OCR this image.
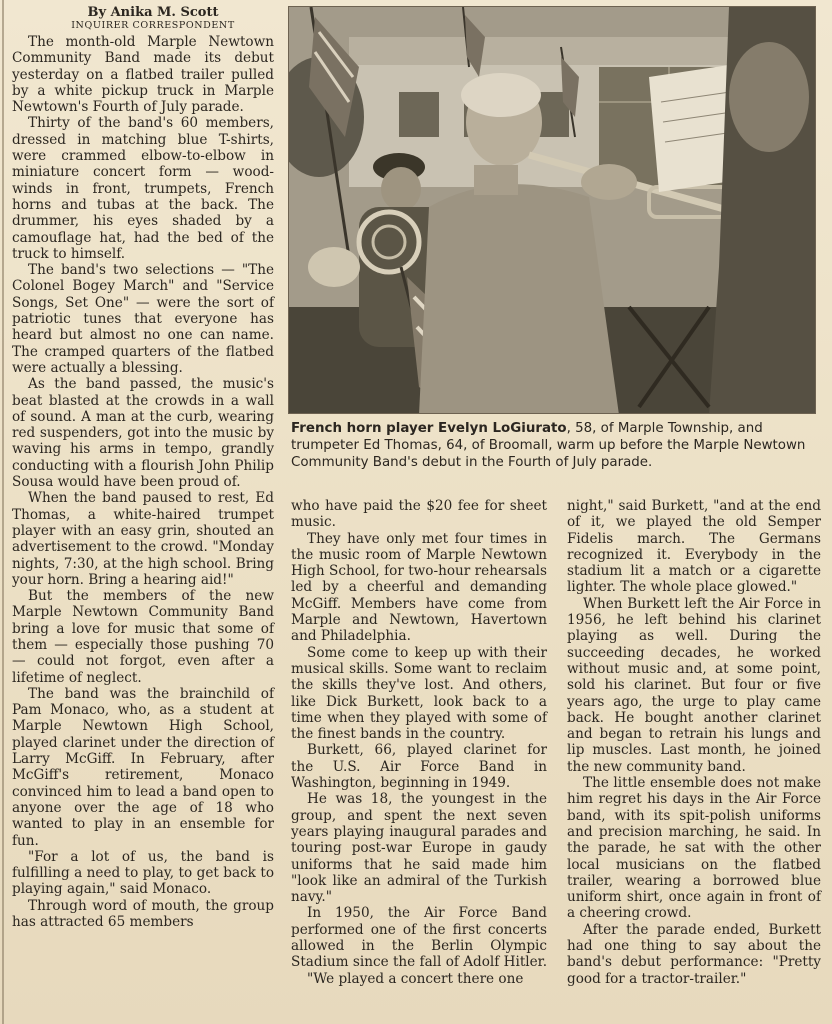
By Anika M. Scott
INQUIRER CORRESPONDENT

The month-old Marple Newtown Community Band made its debut yesterday on a flatbed trailer pulled by a white pickup truck in Marple Newtown's Fourth of July parade.

Thirty of the band's 60 members, dressed in matching blue T-shirts, were crammed elbow-to-elbow in miniature concert form — wood-winds in front, trumpets, French horns and tubas at the back. The drummer, his eyes shaded by a camouflage hat, had the bed of the truck to himself.

The band's two selections — "The Colonel Bogey March" and "Service Songs, Set One" — were the sort of patriotic tunes that everyone has heard but almost no one can name. The cramped quarters of the flatbed were actually a blessing.

As the band passed, the music's beat blasted at the crowds in a wall of sound. A man at the curb, wearing red suspenders, got into the music by waving his arms in tempo, grandly conducting with a flourish John Philip Sousa would have been proud of.

When the band paused to rest, Ed Thomas, a white-haired trumpet player with an easy grin, shouted an advertisement to the crowd. "Monday nights, 7:30, at the high school. Bring your horn. Bring a hearing aid!"

But the members of the new Marple Newtown Community Band bring a love for music that some of them — especially those pushing 70 — could not forgot, even after a lifetime of neglect.

The band was the brainchild of Pam Monaco, who, as a student at Marple Newtown High School, played clarinet under the direction of Larry McGiff. In February, after McGiff's retirement, Monaco convinced him to lead a band open to anyone over the age of 18 who wanted to play in an ensemble for fun.

"For a lot of us, the band is fulfilling a need to play, to get back to playing again," said Monaco.

Through word of mouth, the group has attracted 65 members

French horn player Evelyn LoGiurato, 58, of Marple Township, and trumpeter Ed Thomas, 64, of Broomall, warm up before the Marple Newtown Community Band's debut in the Fourth of July parade.

who have paid the $20 fee for sheet music.

They have only met four times in the music room of Marple Newtown High School, for two-hour rehearsals led by a cheerful and demanding McGiff. Members have come from Marple and Newtown, Havertown and Philadelphia.

Some come to keep up with their musical skills. Some want to reclaim the skills they've lost. And others, like Dick Burkett, look back to a time when they played with some of the finest bands in the country.

Burkett, 66, played clarinet for the U.S. Air Force Band in Washington, beginning in 1949.

He was 18, the youngest in the group, and spent the next seven years playing inaugural parades and touring post-war Europe in gaudy uniforms that he said made him "look like an admiral of the Turkish navy."

In 1950, the Air Force Band performed one of the first concerts allowed in the Berlin Olympic Stadium since the fall of Adolf Hitler.

"We played a concert there one

night," said Burkett, "and at the end of it, we played the old Semper Fidelis march. The Germans recognized it. Everybody in the stadium lit a match or a cigarette lighter. The whole place glowed."

When Burkett left the Air Force in 1956, he left behind his clarinet playing as well. During the succeeding decades, he worked without music and, at some point, sold his clarinet. But four or five years ago, the urge to play came back. He bought another clarinet and began to retrain his lungs and lip muscles. Last month, he joined the new community band.

The little ensemble does not make him regret his days in the Air Force band, with its spit-polish uniforms and precision marching, he said. In the parade, he sat with the other local musicians on the flatbed trailer, wearing a borrowed blue uniform shirt, once again in front of a cheering crowd.

After the parade ended, Burkett had one thing to say about the band's debut performance: "Pretty good for a tractor-trailer."
